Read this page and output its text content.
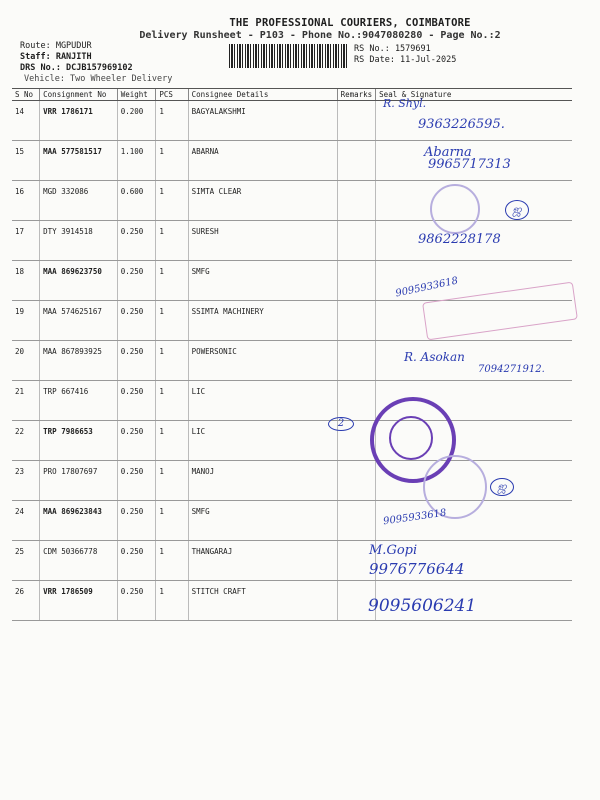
THE PROFESSIONAL COURIERS, COIMBATORE
Delivery Runsheet - P103 - Phone No.:9047080280 - Page No.:2
Route: MGPUDUR
Staff: RANJITH
DRS No.: DCJB157969102
Vehicle: Two Wheeler Delivery
RS No.: 1579691
RS Date: 11-Jul-2025
S No	Consignment No	Weight	PCS	Consignee Details	Remarks	Seal & Signature
14	VRR 1786171	0.200	1	BAGYALAKSHMI		
15	MAA 577581517	1.100	1	ABARNA		
16	MGD 332086	0.600	1	SIMTA CLEAR		
17	DTY 3914518	0.250	1	SURESH		
18	MAA 869623750	0.250	1	SMFG		
19	MAA 574625167	0.250	1	SSIMTA MACHINERY		
20	MAA 867893925	0.250	1	POWERSONIC		
21	TRP 667416	0.250	1	LIC		
22	TRP 7986653	0.250	1	LIC		
23	PRO 17807697	0.250	1	MANOJ		
24	MAA 869623843	0.250	1	SMFG		
25	CDM 50366778	0.250	1	THANGARAJ		
26	VRR 1786509	0.250	1	STITCH CRAFT		
R. Shyl.
9363226595.
Abarna
9965717313
ஜ
9862228178
9095933618
R. Asokan
7094271912.
2
ஜ
9095933618
M.Gopi
9976776644
9095606241
